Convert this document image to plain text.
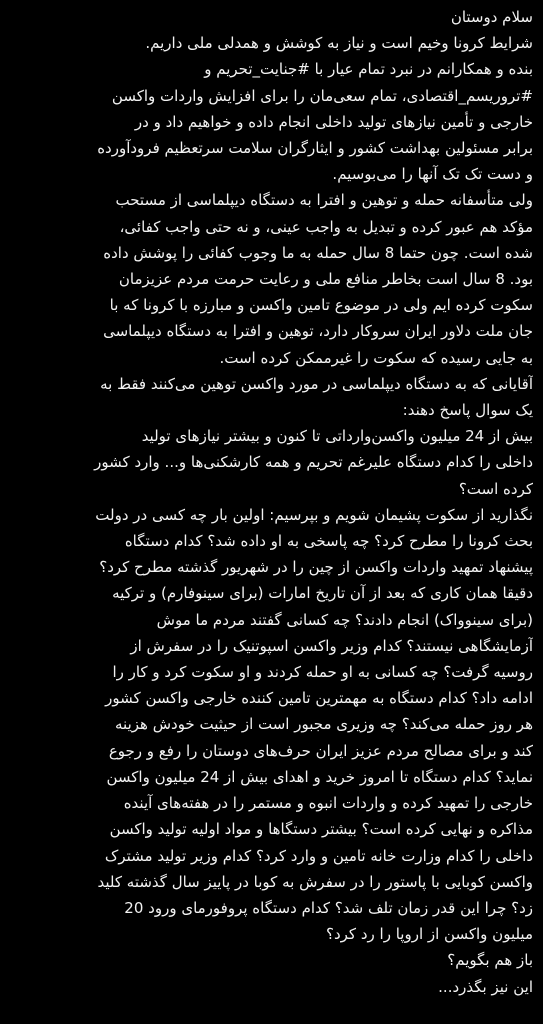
سلام دوستان
شرایط کرونا وخیم است و نیاز به کوشش و همدلی ملی داریم.
بنده و همکارانم در نبرد تمام عیار با #جنایت_تحریم و
#تروریسم_اقتصادی، تمام سعی‌مان را برای افزایش واردات واکسن
خارجی و تأمین نیازهای تولید داخلی انجام داده و خواهیم داد و در
برابر مسئولین بهداشت کشور و ایثارگران سلامت سرتعظیم فرودآورده
و دست تک تک آنها را می‌بوسیم.
ولی متأسفانه حمله و توهین و افترا به دستگاه دیپلماسی از مستحب
مؤکد هم عبور کرده و تبدیل به واجب عینی، و نه حتی واجب کفائی،
شده است. چون حتما 8 سال حمله به ما وجوب کفائی را پوشش داده
بود. 8 سال است بخاطر منافع ملی و رعایت حرمت مردم عزیزمان
سکوت کرده ایم ولی در موضوع تامین واکسن و مبارزه با کرونا که با
جان ملت دلاور ایران سروکار دارد، توهین و افترا به دستگاه دیپلماسی
به جایی رسیده که سکوت را غیرممکن کرده است.
آقایانی که به دستگاه دیپلماسی در مورد واکسن توهین می‌کنند فقط به
یک سوال پاسخ دهند:
بیش از 24 میلیون واکسن‌وارداتی تا کنون و بیشتر نیازهای تولید
داخلی را کدام دستگاه علیرغم تحریم و همه کارشکنی‌ها و... وارد کشور
کرده است؟
نگذارید از سکوت پشیمان شویم و بپرسیم: اولین بار چه کسی در دولت
بحث کرونا را مطرح کرد؟ چه پاسخی به او داده شد؟ کدام دستگاه
پیشنهاد تمهید واردات واکسن از چین را در شهریور گذشته مطرح کرد؟
دقیقا همان کاری که بعد از آن تاریخ امارات (برای سینوفارم) و ترکیه
(برای سینوواک) انجام دادند؟ چه کسانی گفتند مردم ما موش
آزمایشگاهی نیستند؟ کدام وزیر واکسن اسپوتنیک را در سفرش از
روسیه گرفت؟ چه کسانی به او حمله کردند و او سکوت کرد و کار را
ادامه داد؟ کدام دستگاه به مهمترین تامین کننده خارجی واکسن کشور
هر روز حمله می‌کند؟ چه وزیری مجبور است از حیثیت خودش هزینه
کند و برای مصالح مردم عزیز ایران حرف‌های دوستان را رفع و رجوع
نماید؟ کدام دستگاه تا امروز خرید و اهدای بیش از 24 میلیون واکسن
خارجی را تمهید کرده و واردات انبوه و مستمر را در هفته‌های آینده
مذاکره و نهایی کرده است؟ بیشتر دستگاها و مواد اولیه تولید واکسن
داخلی را کدام وزارت خانه تامین و وارد کرد؟ کدام وزیر تولید مشترک
واکسن کوبایی با پاستور را در سفرش به کوبا در پاییز سال گذشته کلید
زد؟ چرا این قدر زمان تلف شد؟ کدام دستگاه پروفورمای ورود 20
میلیون واکسن از اروپا را رد کرد؟
باز هم بگویم؟
این نیز بگذرد...
